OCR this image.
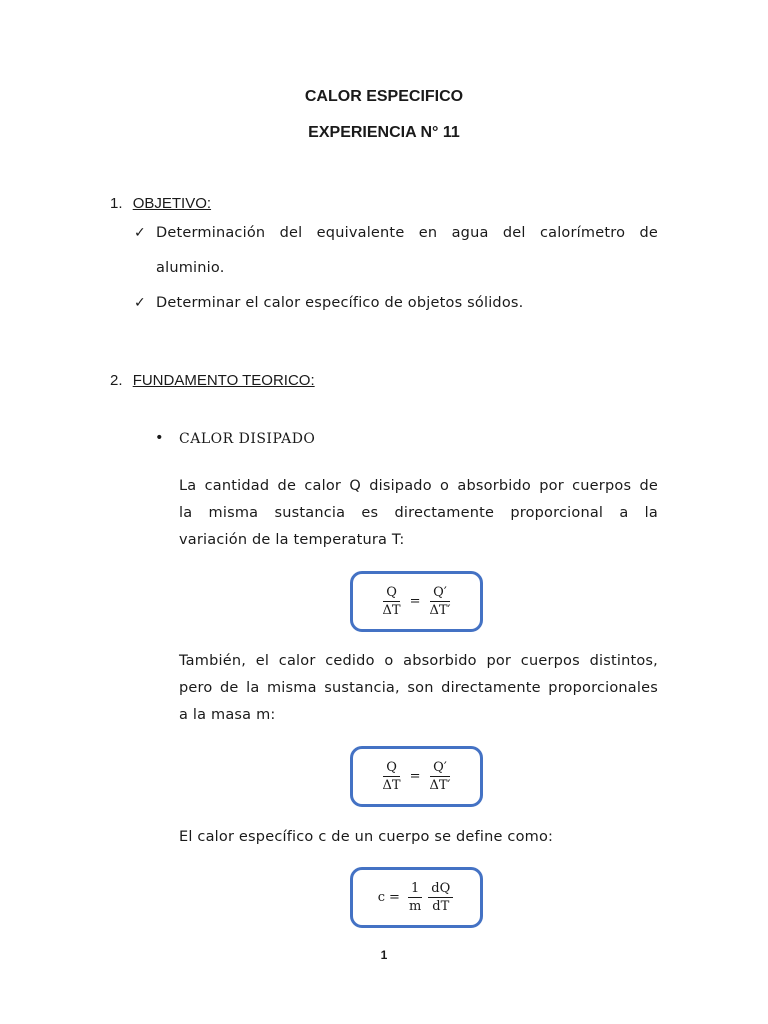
CALOR ESPECIFICO
EXPERIENCIA N° 11
1. OBJETIVO:
✓ Determinación del equivalente en agua del calorímetro de
aluminio.
✓ Determinar el calor específico de objetos sólidos.
2. FUNDAMENTO TEORICO:
• CALOR DISIPADO
La cantidad de calor Q disipado o absorbido por cuerpos de
la misma sustancia es directamente proporcional a la
variación de la temperatura T:
$\frac{Q}{\Delta T} = \frac{Q'}{\Delta T'}$
También, el calor cedido o absorbido por cuerpos distintos,
pero de la misma sustancia, son directamente proporcionales
a la masa m:
$\frac{Q}{\Delta T} = \frac{Q'}{\Delta T'}$
El calor específico c de un cuerpo se define como:
$c = \frac{1}{m} \frac{dQ}{dT}$
1
